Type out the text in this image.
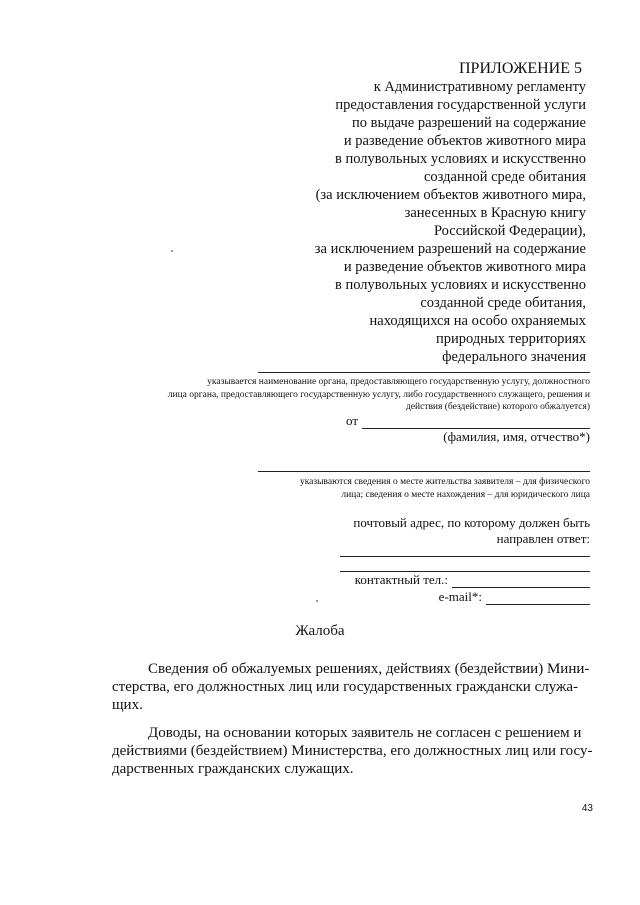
ПРИЛОЖЕНИЕ 5
к Административному регламенту
предоставления государственной услуги
по выдаче разрешений на содержание
и разведение объектов животного мира
в полувольных условиях и искусственно
созданной среде обитания
(за исключением объектов животного мира,
занесенных в Красную книгу
Российской Федерации),
за исключением разрешений на содержание
и разведение объектов животного мира
в полувольных условиях и искусственно
созданной среде обитания,
находящихся на особо охраняемых
природных территориях
федерального значения
указывается наименование органа, предоставляющего государственную услугу, должностного
лица органа, предоставляющего государственную услугу, либо государственного служащего, решения и
действия (бездействие) которого обжалуется)
от
(фамилия, имя, отчество*)
указываются сведения о месте жительства заявителя – для физического
лица; сведения о месте нахождения – для юридического лица
почтовый адрес, по которому должен быть
направлен ответ:
контактный тел.:
e-mail*:
Жалоба
Сведения об обжалуемых решениях, действиях (бездействии) Мини-
стерства, его должностных лиц или государственных граждански служа-
щих.
Доводы, на основании которых заявитель не согласен с решением и
действиями (бездействием) Министерства, его должностных лиц или госу-
дарственных гражданских служащих.
43
